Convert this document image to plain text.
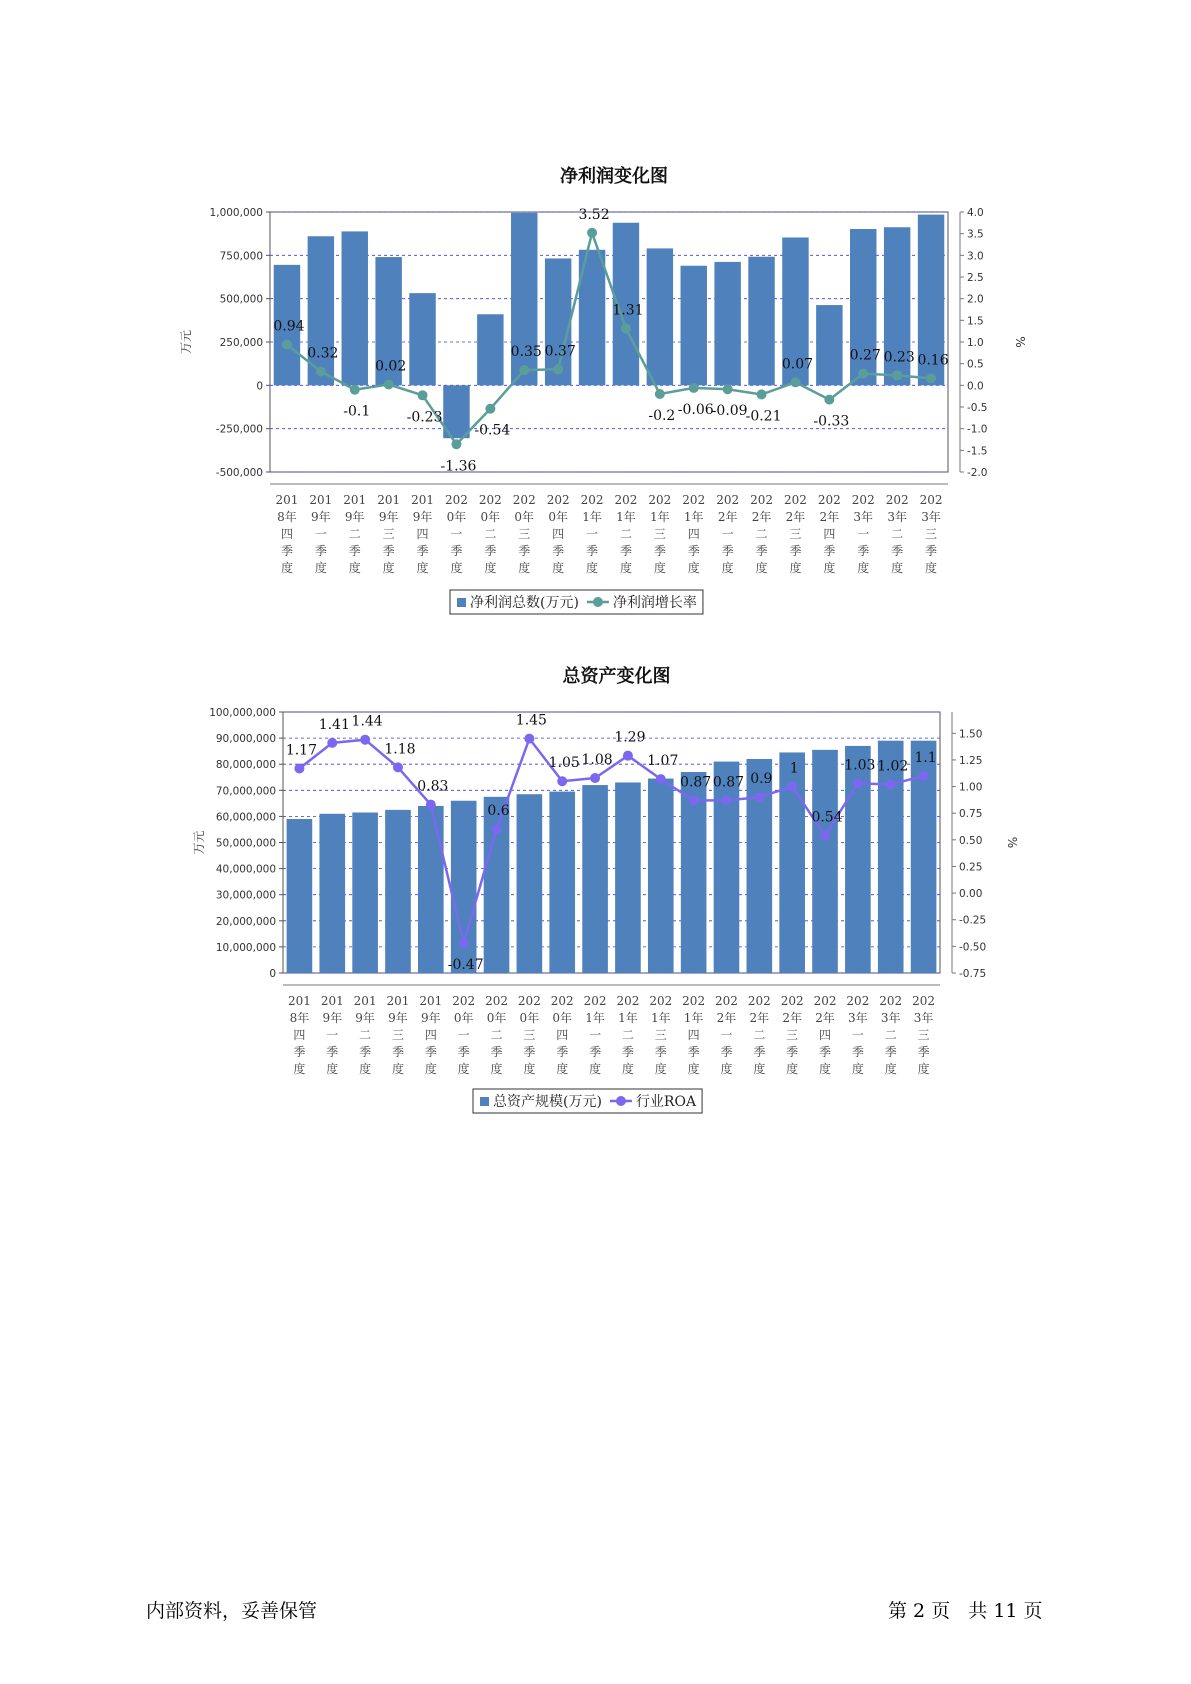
净利润变化图
1,000,000
750,000
500,000
250,000
0
-250,000
-500,000
4.0
3.5
3.0
2.5
2.0
1.5
1.0
0.5
0.0
-0.5
-1.0
-1.5
-2.0
万元	%
201 8年四季度
201 9年一季度
201 9年二季度
201 9年三季度
201 9年四季度
202 0年一季度
202 0年二季度
202 0年三季度
202 0年四季度
202 1年一季度
202 1年二季度
202 1年三季度
202 1年四季度
202 2年一季度
202 2年二季度
202 2年三季度
202 2年四季度
202 3年一季度
202 3年二季度
202 3年三季度
0.94
0.32
-0.1
0.02
-0.23
-1.36
-0.54
0.35 0.37
3.52
1.31
-0.2 -0.06
-0.09
-0.21
0.07
-0.33
0.27 0.23 0.16
净利润总数(万元) 净利润增长率
总资产变化图
100,000,000
90,000,000
80,000,000
70,000,000
60,000,000
50,000,000
40,000,000
30,000,000
20,000,000
10,000,000
0
1.50
1.25
1.00
0.75
0.50
0.25
0.00
-0.25
-0.50
-0.75
万元	%
201 8年四季度
201 9年一季度
201 9年二季度
201 9年三季度
201 9年四季度
202 0年一季度
202 0年二季度
202 0年三季度
202 0年四季度
202 1年一季度
202 1年二季度
202 1年三季度
202 1年四季度
202 2年一季度
202 2年二季度
202 2年三季度
202 2年四季度
202 3年一季度
202 3年二季度
202 3年三季度
1.17
1.41 1.44
1.18
0.83
-0.47
0.6
1.45
1.05 1.08
1.29
1.07
0.87 0.87 0.9
1
0.54
1.03 1.02
1.1
总资产规模(万元) 行业ROA
内部资料，妥善保管	第 2 页   共 11 页
